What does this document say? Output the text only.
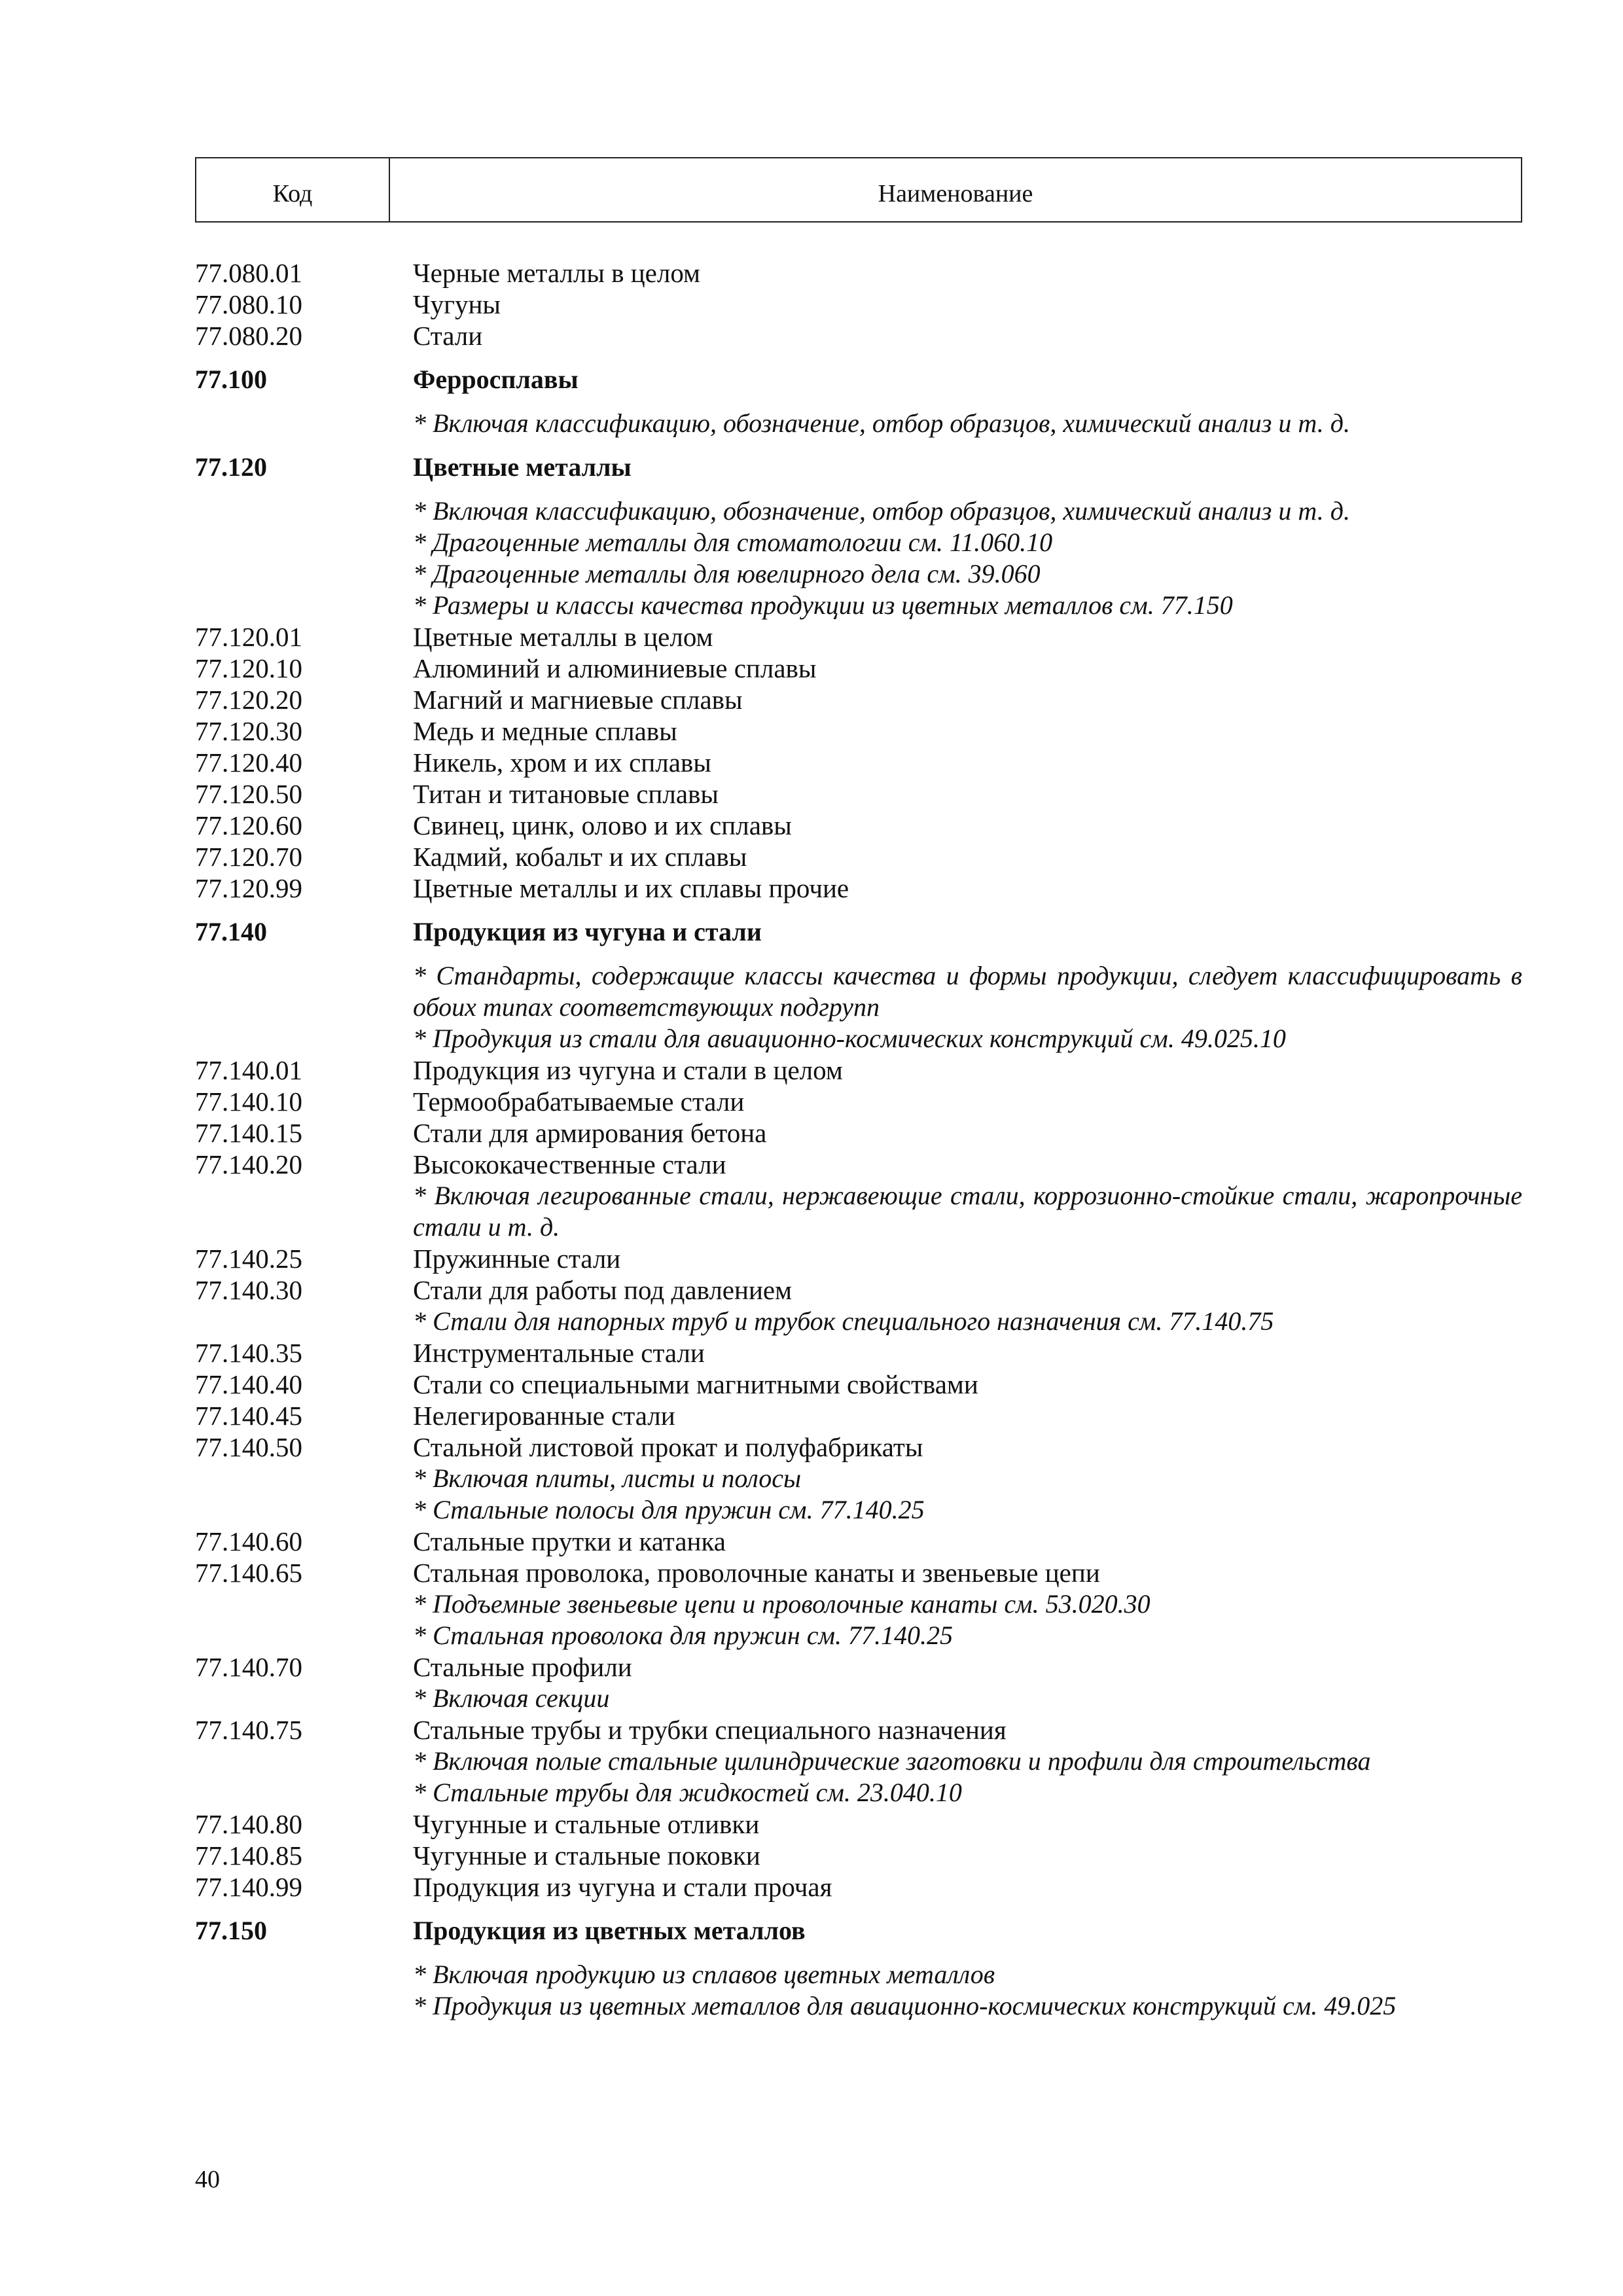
Код	Наименование
77.080.01	Черные металлы в целом
77.080.10	Чугуны
77.080.20	Стали
77.100	Ферросплавы
* Включая классификацию, обозначение, отбор образцов, химический анализ и т. д.
77.120	Цветные металлы
* Включая классификацию, обозначение, отбор образцов, химический анализ и т. д.
* Драгоценные металлы для стоматологии см. 11.060.10
* Драгоценные металлы для ювелирного дела см. 39.060
* Размеры и классы качества продукции из цветных металлов см. 77.150
77.120.01	Цветные металлы в целом
77.120.10	Алюминий и алюминиевые сплавы
77.120.20	Магний и магниевые сплавы
77.120.30	Медь и медные сплавы
77.120.40	Никель, хром и их сплавы
77.120.50	Титан и титановые сплавы
77.120.60	Свинец, цинк, олово и их сплавы
77.120.70	Кадмий, кобальт и их сплавы
77.120.99	Цветные металлы и их сплавы прочие
77.140	Продукция из чугуна и стали
* Стандарты, содержащие классы качества и формы продукции, следует классифицировать в обоих типах соответствующих подгрупп
* Продукция из стали для авиационно-космических конструкций см. 49.025.10
77.140.01	Продукция из чугуна и стали в целом
77.140.10	Термообрабатываемые стали
77.140.15	Стали для армирования бетона
77.140.20	Высококачественные стали
* Включая легированные стали, нержавеющие стали, коррозионно-стойкие стали, жаропрочные стали и т. д.
77.140.25	Пружинные стали
77.140.30	Стали для работы под давлением
* Стали для напорных труб и трубок специального назначения см. 77.140.75
77.140.35	Инструментальные стали
77.140.40	Стали со специальными магнитными свойствами
77.140.45	Нелегированные стали
77.140.50	Стальной листовой прокат и полуфабрикаты
* Включая плиты, листы и полосы
* Стальные полосы для пружин см. 77.140.25
77.140.60	Стальные прутки и катанка
77.140.65	Стальная проволока, проволочные канаты и звеньевые цепи
* Подъемные звеньевые цепи и проволочные канаты см. 53.020.30
* Стальная проволока для пружин см. 77.140.25
77.140.70	Стальные профили
* Включая секции
77.140.75	Стальные трубы и трубки специального назначения
* Включая полые стальные цилиндрические заготовки и профили для строительства
* Стальные трубы для жидкостей см. 23.040.10
77.140.80	Чугунные и стальные отливки
77.140.85	Чугунные и стальные поковки
77.140.99	Продукция из чугуна и стали прочая
77.150	Продукция из цветных металлов
* Включая продукцию из сплавов цветных металлов
* Продукция из цветных металлов для авиационно-космических конструкций см. 49.025
40
